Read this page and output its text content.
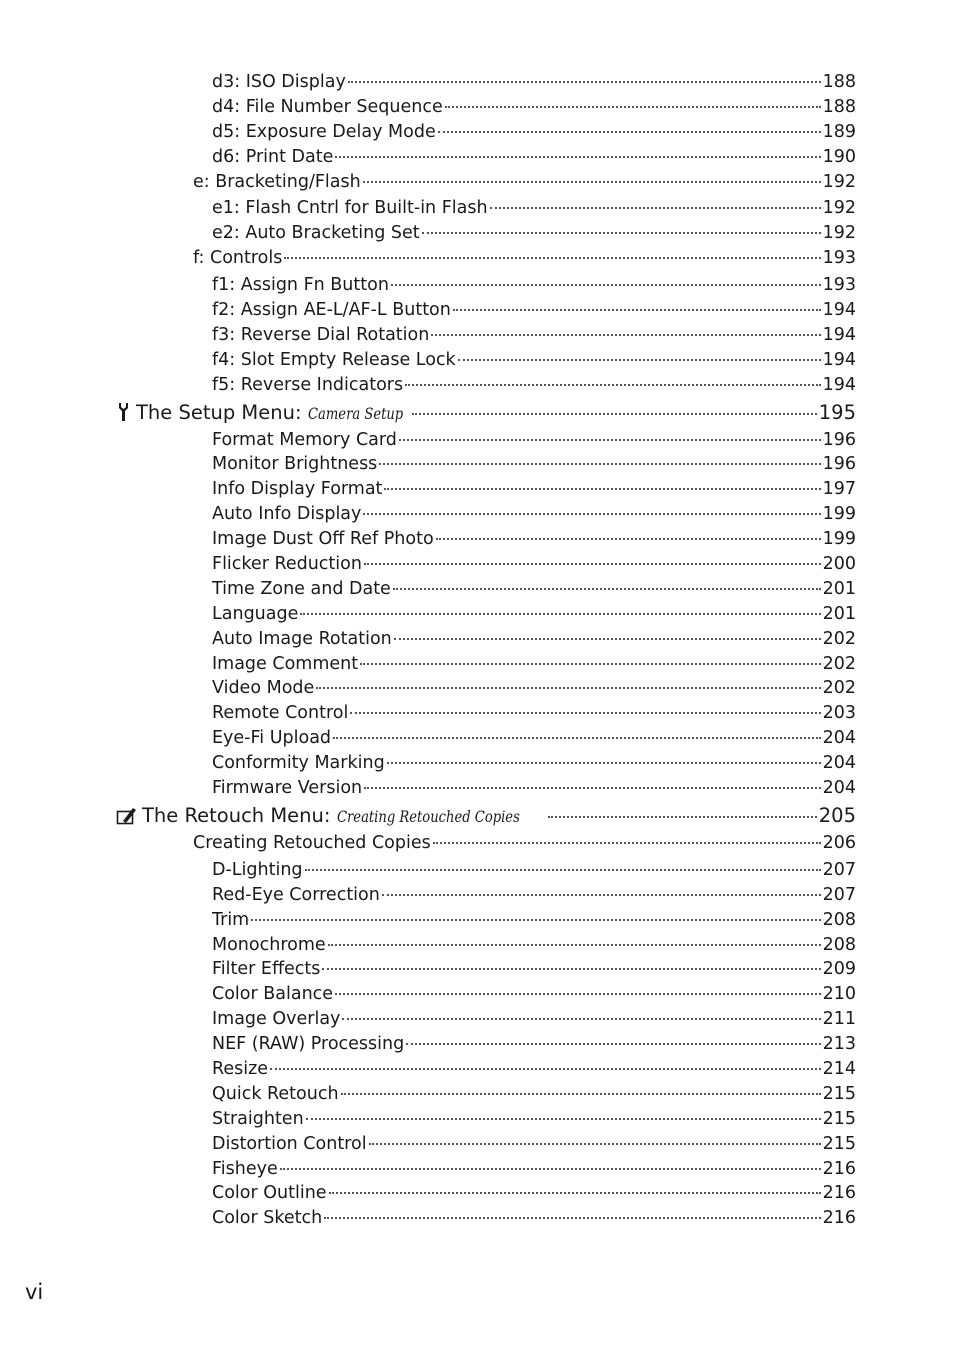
d3: ISO Display	188
d4: File Number Sequence	188
d5: Exposure Delay Mode	189
d6: Print Date	190
e: Bracketing/Flash	192
e1: Flash Cntrl for Built-in Flash	192
e2: Auto Bracketing Set	192
f: Controls	193
f1: Assign Fn Button	193
f2: Assign AE-L/AF-L Button	194
f3: Reverse Dial Rotation	194
f4: Slot Empty Release Lock	194
f5: Reverse Indicators	194
The Setup Menu: Camera Setup	195
Format Memory Card	196
Monitor Brightness	196
Info Display Format	197
Auto Info Display	199
Image Dust Off Ref Photo	199
Flicker Reduction	200
Time Zone and Date	201
Language	201
Auto Image Rotation	202
Image Comment	202
Video Mode	202
Remote Control	203
Eye-Fi Upload	204
Conformity Marking	204
Firmware Version	204
The Retouch Menu: Creating Retouched Copies	205
Creating Retouched Copies	206
D-Lighting	207
Red-Eye Correction	207
Trim	208
Monochrome	208
Filter Effects	209
Color Balance	210
Image Overlay	211
NEF (RAW) Processing	213
Resize	214
Quick Retouch	215
Straighten	215
Distortion Control	215
Fisheye	216
Color Outline	216
Color Sketch	216
vi
